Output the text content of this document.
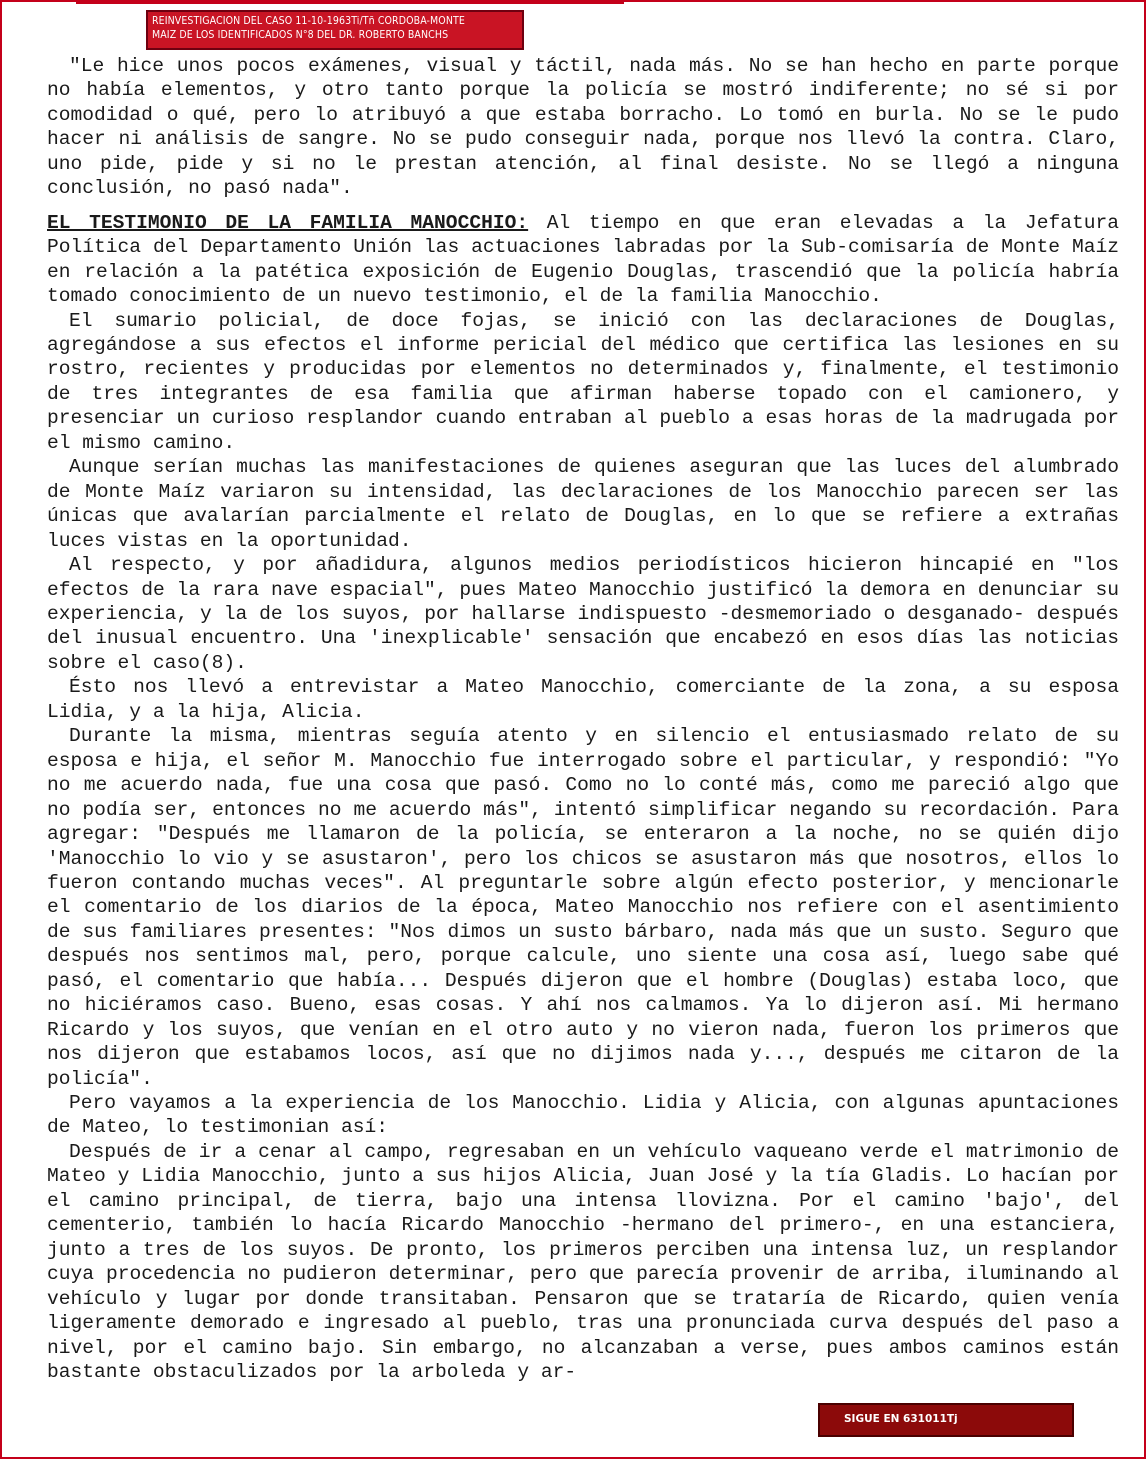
REINVESTIGACION DEL CASO 11-10-1963Ti/Tñ CORDOBA-MONTE
MAIZ DE LOS IDENTIFICADOS N°8 DEL DR. ROBERTO BANCHS

"Le hice unos pocos exámenes, visual y táctil, nada más. No se han hecho en parte porque no había elementos, y otro tanto porque la policía se mostró indiferente; no sé si por comodidad o qué, pero lo atribuyó a que estaba borracho. Lo tomó en burla. No se le pudo hacer ni análisis de sangre. No se pudo conseguir nada, porque nos llevó la contra. Claro, uno pide, pide y si no le prestan atención, al final desiste. No se llegó a ninguna conclusión, no pasó nada".

EL TESTIMONIO DE LA FAMILIA MANOCCHIO: Al tiempo en que eran elevadas a la Jefatura Política del Departamento Unión las actuaciones labradas por la Sub-comisaría de Monte Maíz en relación a la patética exposición de Eugenio Douglas, trascendió que la policía habría tomado conocimiento de un nuevo testimonio, el de la familia Manocchio.

El sumario policial, de doce fojas, se inició con las declaraciones de Douglas, agregándose a sus efectos el informe pericial del médico que certifica las lesiones en su rostro, recientes y producidas por elementos no determinados y, finalmente, el testimonio de tres integrantes de esa familia que afirman haberse topado con el camionero, y presenciar un curioso resplandor cuando entraban al pueblo a esas horas de la madrugada por el mismo camino.

Aunque serían muchas las manifestaciones de quienes aseguran que las luces del alumbrado de Monte Maíz variaron su intensidad, las declaraciones de los Manocchio parecen ser las únicas que avalarían parcialmente el relato de Douglas, en lo que se refiere a extrañas luces vistas en la oportunidad.

Al respecto, y por añadidura, algunos medios periodísticos hicieron hincapié en "los efectos de la rara nave espacial", pues Mateo Manocchio justificó la demora en denunciar su experiencia, y la de los suyos, por hallarse indispuesto -desmemoriado o desganado- después del inusual encuentro. Una 'inexplicable' sensación que encabezó en esos días las noticias sobre el caso(8).

Ésto nos llevó a entrevistar a Mateo Manocchio, comerciante de la zona, a su esposa Lidia, y a la hija, Alicia.

Durante la misma, mientras seguía atento y en silencio el entusiasmado relato de su esposa e hija, el señor M. Manocchio fue interrogado sobre el particular, y respondió: "Yo no me acuerdo nada, fue una cosa que pasó. Como no lo conté más, como me pareció algo que no podía ser, entonces no me acuerdo más", intentó simplificar negando su recordación. Para agregar: "Después me llamaron de la policía, se enteraron a la noche, no se quién dijo 'Manocchio lo vio y se asustaron', pero los chicos se asustaron más que nosotros, ellos lo fueron contando muchas veces". Al preguntarle sobre algún efecto posterior, y mencionarle el comentario de los diarios de la época, Mateo Manocchio nos refiere con el asentimiento de sus familiares presentes: "Nos dimos un susto bárbaro, nada más que un susto. Seguro que después nos sentimos mal, pero, porque calcule, uno siente una cosa así, luego sabe qué pasó, el comentario que había... Después dijeron que el hombre (Douglas) estaba loco, que no hiciéramos caso. Bueno, esas cosas. Y ahí nos calmamos. Ya lo dijeron así. Mi hermano Ricardo y los suyos, que venían en el otro auto y no vieron nada, fueron los primeros que nos dijeron que estabamos locos, así que no dijimos nada y..., después me citaron de la policía".

Pero vayamos a la experiencia de los Manocchio. Lidia y Alicia, con algunas apuntaciones de Mateo, lo testimonian así:

Después de ir a cenar al campo, regresaban en un vehículo vaqueano verde el matrimonio de Mateo y Lidia Manocchio, junto a sus hijos Alicia, Juan José y la tía Gladis. Lo hacían por el camino principal, de tierra, bajo una intensa llovizna. Por el camino 'bajo', del cementerio, también lo hacía Ricardo Manocchio -hermano del primero-, en una estanciera, junto a tres de los suyos. De pronto, los primeros perciben una intensa luz, un resplandor cuya procedencia no pudieron determinar, pero que parecía provenir de arriba, iluminando al vehículo y lugar por donde transitaban. Pensaron que se trataría de Ricardo, quien venía ligeramente demorado e ingresado al pueblo, tras una pronunciada curva después del paso a nivel, por el camino bajo. Sin embargo, no alcanzaban a verse, pues ambos caminos están bastante obstaculizados por la arboleda y ar-

SIGUE EN 631011Tj
